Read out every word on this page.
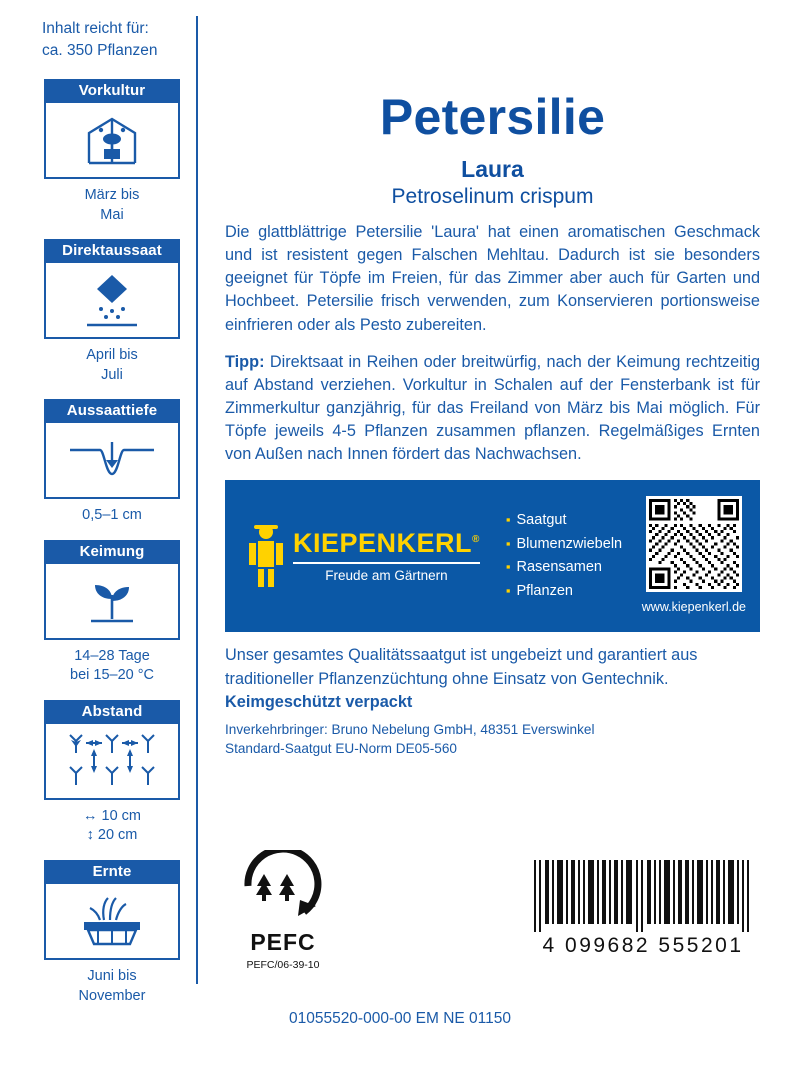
Inhalt reicht für:
ca. 350 Pflanzen
Vorkultur
März bis
Mai
Direktaussaat
April bis
Juli
Aussaattiefe
0,5–1 cm
Keimung
14–28 Tage
bei 15–20 °C
Abstand
↔ 10 cm
↕ 20 cm
Ernte
Juni bis
November
Petersilie
Laura
Petroselinum crispum

Die glattblättrige Petersilie 'Laura' hat einen aromatischen Geschmack und ist resistent gegen Falschen Mehltau. Dadurch ist sie besonders geeignet für Töpfe im Freien, für das Zimmer aber auch für Garten und Hochbeet. Petersilie frisch verwenden, zum Konservieren portionsweise einfrieren oder als Pesto zubereiten.

Tipp: Direktsaat in Reihen oder breitwürfig, nach der Keimung rechtzeitig auf Abstand verziehen. Vorkultur in Schalen auf der Fensterbank ist für Zimmerkultur ganzjährig, für das Freiland von März bis Mai möglich. Für Töpfe jeweils 4-5 Pflanzen zusammen pflanzen. Regelmäßiges Ernten von Außen nach Innen fördert das Nachwachsen.

KIEPENKERL®
Freude am Gärtnern
▪ Saatgut
▪ Blumenzwiebeln
▪ Rasensamen
▪ Pflanzen
www.kiepenkerl.de

Unser gesamtes Qualitätssaatgut ist ungebeizt und garantiert aus traditioneller Pflanzenzüchtung ohne Einsatz von Gentechnik.

Keimgeschützt verpackt
Inverkehrbringer: Bruno Nebelung GmbH, 48351 Everswinkel
Standard-Saatgut EU-Norm DE05-560
PEFC
PEFC/06-39-10
4 099682 555201
01055520-000-00 EM NE 01150
